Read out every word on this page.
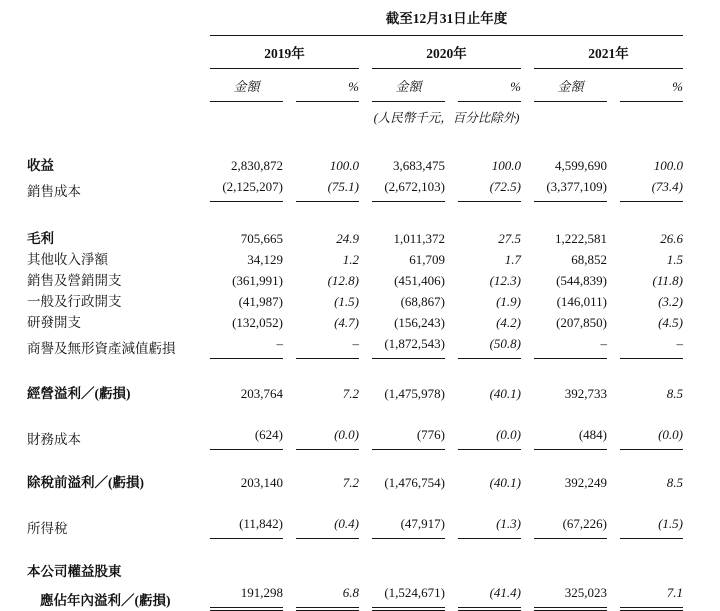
	截至12月31日止年度					
	2019年		2020年		2021年	
	金額	%	金額	%	金額	%
			(人民幣千元，百分比除外)			

收益	2,830,872	100.0	3,683,475	100.0	4,599,690	100.0
銷售成本	(2,125,207)	(75.1)	(2,672,103)	(72.5)	(3,377,109)	(73.4)

毛利	705,665	24.9	1,011,372	27.5	1,222,581	26.6
其他收入淨額	34,129	1.2	61,709	1.7	68,852	1.5
銷售及營銷開支	(361,991)	(12.8)	(451,406)	(12.3)	(544,839)	(11.8)
一般及行政開支	(41,987)	(1.5)	(68,867)	(1.9)	(146,011)	(3.2)
研發開支	(132,052)	(4.7)	(156,243)	(4.2)	(207,850)	(4.5)
商譽及無形資產減值虧損	–	–	(1,872,543)	(50.8)	–	–

經營溢利／(虧損)	203,764	7.2	(1,475,978)	(40.1)	392,733	8.5

財務成本	(624)	(0.0)	(776)	(0.0)	(484)	(0.0)

除稅前溢利／(虧損)	203,140	7.2	(1,476,754)	(40.1)	392,249	8.5

所得稅	(11,842)	(0.4)	(47,917)	(1.3)	(67,226)	(1.5)

本公司權益股東						
應佔年內溢利／(虧損)	191,298	6.8	(1,524,671)	(41.4)	325,023	7.1
